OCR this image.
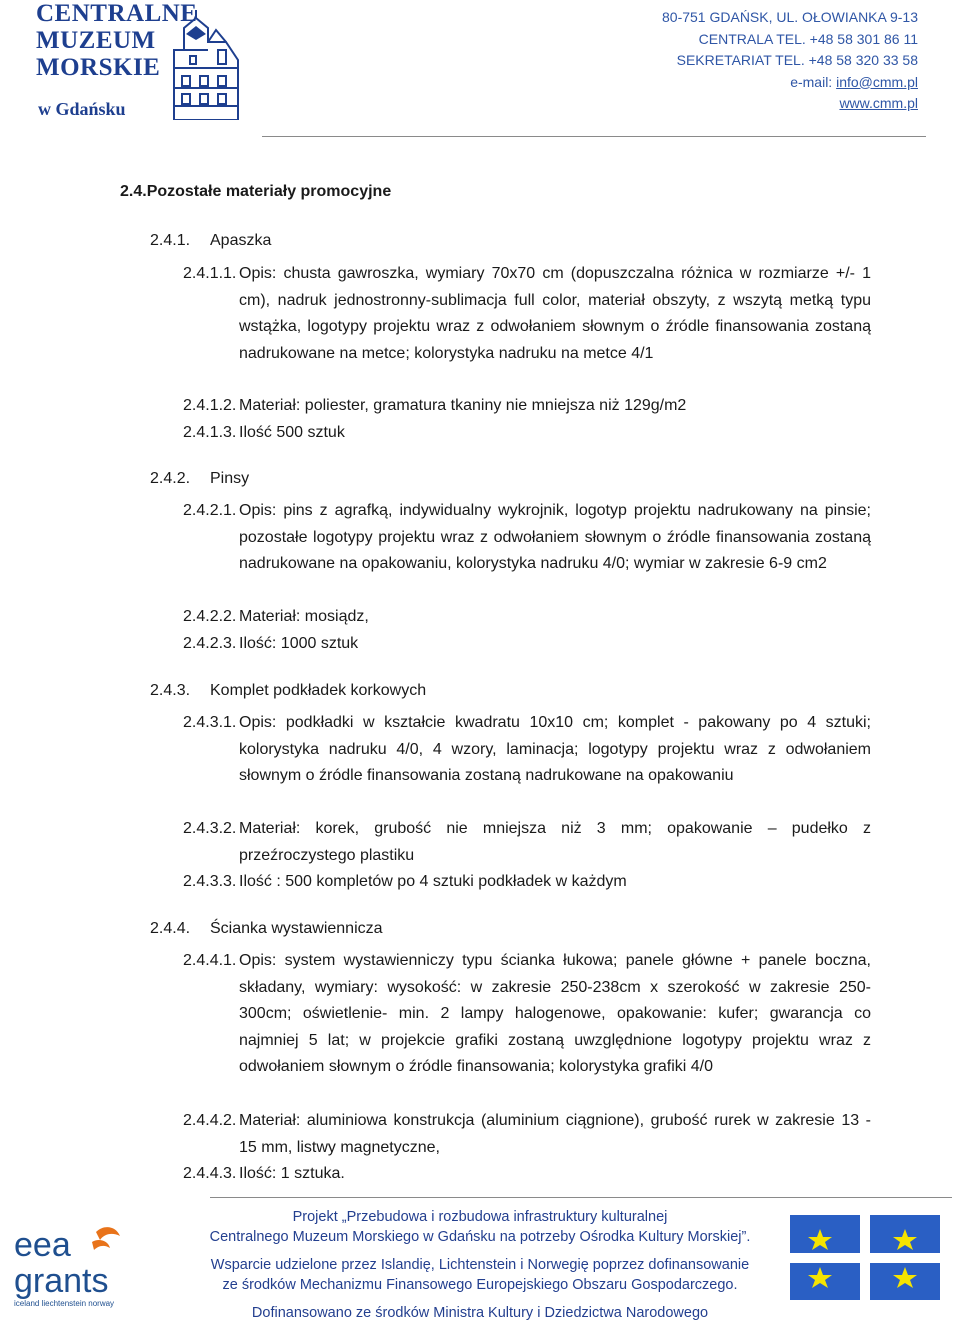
CENTRALNE
MUZEUM
MORSKIE
w Gdańsku
80-751 GDAŃSK, UL. OŁOWIANKA 9-13
CENTRALA TEL. +48 58 301 86 11
SEKRETARIAT TEL. +48 58 320 33 58
e-mail: info@cmm.pl
www.cmm.pl
2.4.Pozostałe materiały promocyjne
2.4.1. Apaszka
2.4.1.1. Opis: chusta gawroszka, wymiary 70x70 cm (dopuszczalna różnica w rozmiarze +/- 1 cm), nadruk jednostronny-sublimacja full color, materiał obszyty, z wszytą metką typu wstążka, logotypy projektu wraz z odwołaniem słownym o źródle finansowania zostaną nadrukowane na metce; kolorystyka nadruku na metce 4/1
2.4.1.2. Materiał: poliester, gramatura tkaniny nie mniejsza niż 129g/m2
2.4.1.3. Ilość 500 sztuk
2.4.2. Pinsy
2.4.2.1. Opis: pins z agrafką, indywidualny wykrojnik, logotyp projektu nadrukowany na pinsie; pozostałe logotypy projektu wraz z odwołaniem słownym o źródle finansowania zostaną nadrukowane na opakowaniu, kolorystyka nadruku 4/0; wymiar w zakresie 6-9 cm2
2.4.2.2. Materiał: mosiądz,
2.4.2.3. Ilość: 1000 sztuk
2.4.3. Komplet podkładek korkowych
2.4.3.1. Opis: podkładki w kształcie kwadratu 10x10 cm; komplet - pakowany po 4 sztuki; kolorystyka nadruku 4/0, 4 wzory, laminacja; logotypy projektu wraz z odwołaniem słownym o źródle finansowania zostaną nadrukowane na opakowaniu
2.4.3.2. Materiał: korek, grubość nie mniejsza niż 3 mm; opakowanie – pudełko z przeźroczystego plastiku
2.4.3.3. Ilość : 500 kompletów po 4 sztuki podkładek w każdym
2.4.4. Ścianka wystawiennicza
2.4.4.1. Opis: system wystawienniczy typu ścianka łukowa; panele główne + panele boczna, składany, wymiary: wysokość: w zakresie 250-238cm x szerokość w zakresie 250-300cm; oświetlenie- min. 2 lampy halogenowe, opakowanie: kufer; gwarancja co najmniej 5 lat; w projekcie grafiki zostaną uwzględnione logotypy projektu wraz z odwołaniem słownym o źródle finansowania; kolorystyka grafiki 4/0
2.4.4.2. Materiał: aluminiowa konstrukcja (aluminium ciągnione), grubość rurek w zakresie 13 - 15 mm, listwy magnetyczne,
2.4.4.3. Ilość: 1 sztuka.
eea
grants
iceland liechtenstein norway
Projekt „Przebudowa i rozbudowa infrastruktury kulturalnej
Centralnego Muzeum Morskiego w Gdańsku na potrzeby Ośrodka Kultury Morskiej”.
Wsparcie udzielone przez Islandię, Lichtenstein i Norwegię poprzez dofinansowanie
ze środków Mechanizmu Finansowego Europejskiego Obszaru Gospodarczego.
Dofinansowano ze środków Ministra Kultury i Dziedzictwa Narodowego
